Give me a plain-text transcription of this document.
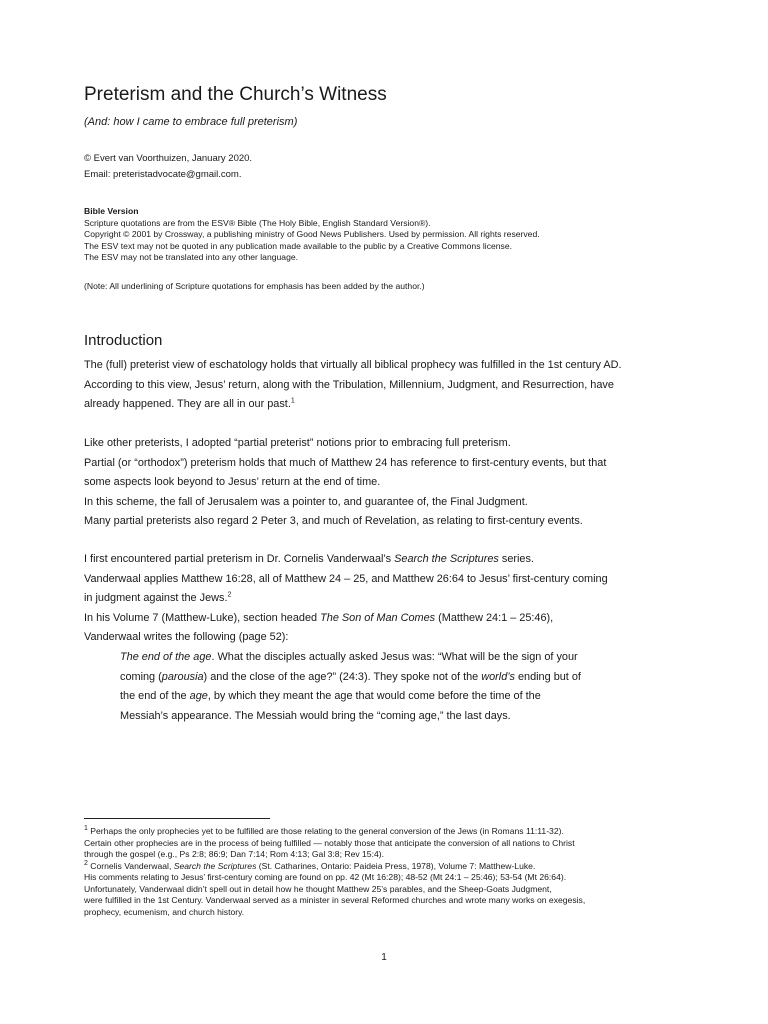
Preterism and the Church’s Witness
(And: how I came to embrace full preterism)
© Evert van Voorthuizen, January 2020.
Email: preteristadvocate@gmail.com.

Bible Version

Scripture quotations are from the ESV® Bible (The Holy Bible, English Standard Version®).

Copyright © 2001 by Crossway, a publishing ministry of Good News Publishers. Used by permission. All rights reserved.

The ESV text may not be quoted in any publication made available to the public by a Creative Commons license.

The ESV may not be translated into any other language.

(Note: All underlining of Scripture quotations for emphasis has been added by the author.)
Introduction

The (full) preterist view of eschatology holds that virtually all biblical prophecy was fulfilled in the 1st century AD.

According to this view, Jesus’ return, along with the Tribulation, Millennium, Judgment, and Resurrection, have

already happened. They are all in our past.$^1$

Like other preterists, I adopted “partial preterist” notions prior to embracing full preterism.

Partial (or “orthodox”) preterism holds that much of Matthew 24 has reference to first-century events, but that

some aspects look beyond to Jesus’ return at the end of time.

In this scheme, the fall of Jerusalem was a pointer to, and guarantee of, the Final Judgment.

Many partial preterists also regard 2 Peter 3, and much of Revelation, as relating to first-century events.

I first encountered partial preterism in Dr. Cornelis Vanderwaal’s Search the Scriptures series.

Vanderwaal applies Matthew 16:28, all of Matthew 24 – 25, and Matthew 26:64 to Jesus’ first-century coming

in judgment against the Jews.$^2$

In his Volume 7 (Matthew-Luke), section headed The Son of Man Comes (Matthew 24:1 – 25:46),

Vanderwaal writes the following (page 52):

The end of the age. What the disciples actually asked Jesus was: “What will be the sign of your

coming (parousia) and the close of the age?” (24:3). They spoke not of the world’s ending but of

the end of the age, by which they meant the age that would come before the time of the

Messiah’s appearance. The Messiah would bring the “coming age,” the last days.

$^1$ Perhaps the only prophecies yet to be fulfilled are those relating to the general conversion of the Jews (in Romans 11:11-32).

Certain other prophecies are in the process of being fulfilled — notably those that anticipate the conversion of all nations to Christ

through the gospel (e.g., Ps 2:8; 86:9; Dan 7:14; Rom 4:13; Gal 3:8; Rev 15:4).

$^2$ Cornelis Vanderwaal, Search the Scriptures (St. Catharines, Ontario: Paideia Press, 1978), Volume 7: Matthew-Luke.

His comments relating to Jesus’ first-century coming are found on pp. 42 (Mt 16:28); 48-52 (Mt 24:1 – 25:46); 53-54 (Mt 26:64).

Unfortunately, Vanderwaal didn’t spell out in detail how he thought Matthew 25’s parables, and the Sheep-Goats Judgment,

were fulfilled in the 1st Century. Vanderwaal served as a minister in several Reformed churches and wrote many works on exegesis,

prophecy, ecumenism, and church history.

1
